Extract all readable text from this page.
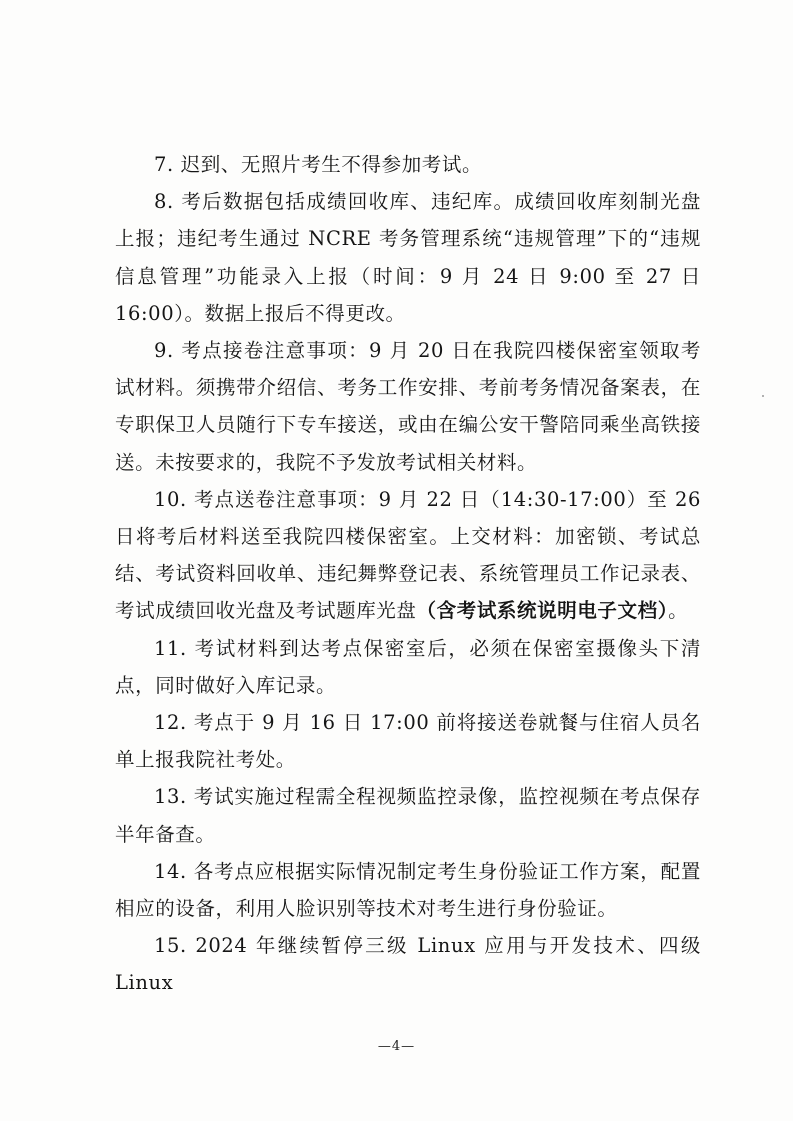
7. 迟到、无照片考生不得参加考试。

8. 考后数据包括成绩回收库、违纪库。成绩回收库刻制光盘上报；违纪考生通过 NCRE 考务管理系统“违规管理”下的“违规信息管理”功能录入上报（时间：9 月 24 日 9:00 至 27 日 16:00）。数据上报后不得更改。

9. 考点接卷注意事项：9 月 20 日在我院四楼保密室领取考试材料。须携带介绍信、考务工作安排、考前考务情况备案表，在专职保卫人员随行下专车接送，或由在编公安干警陪同乘坐高铁接送。未按要求的，我院不予发放考试相关材料。

10. 考点送卷注意事项：9 月 22 日（14:30-17:00）至 26 日将考后材料送至我院四楼保密室。上交材料：加密锁、考试总结、考试资料回收单、违纪舞弊登记表、系统管理员工作记录表、考试成绩回收光盘及考试题库光盘（含考试系统说明电子文档）。

11. 考试材料到达考点保密室后，必须在保密室摄像头下清点，同时做好入库记录。

12. 考点于 9 月 16 日 17:00 前将接送卷就餐与住宿人员名单上报我院社考处。

13. 考试实施过程需全程视频监控录像，监控视频在考点保存半年备查。

14. 各考点应根据实际情况制定考生身份验证工作方案，配置相应的设备，利用人脸识别等技术对考生进行身份验证。

15. 2024 年继续暂停三级 Linux 应用与开发技术、四级 Linux

—4—
